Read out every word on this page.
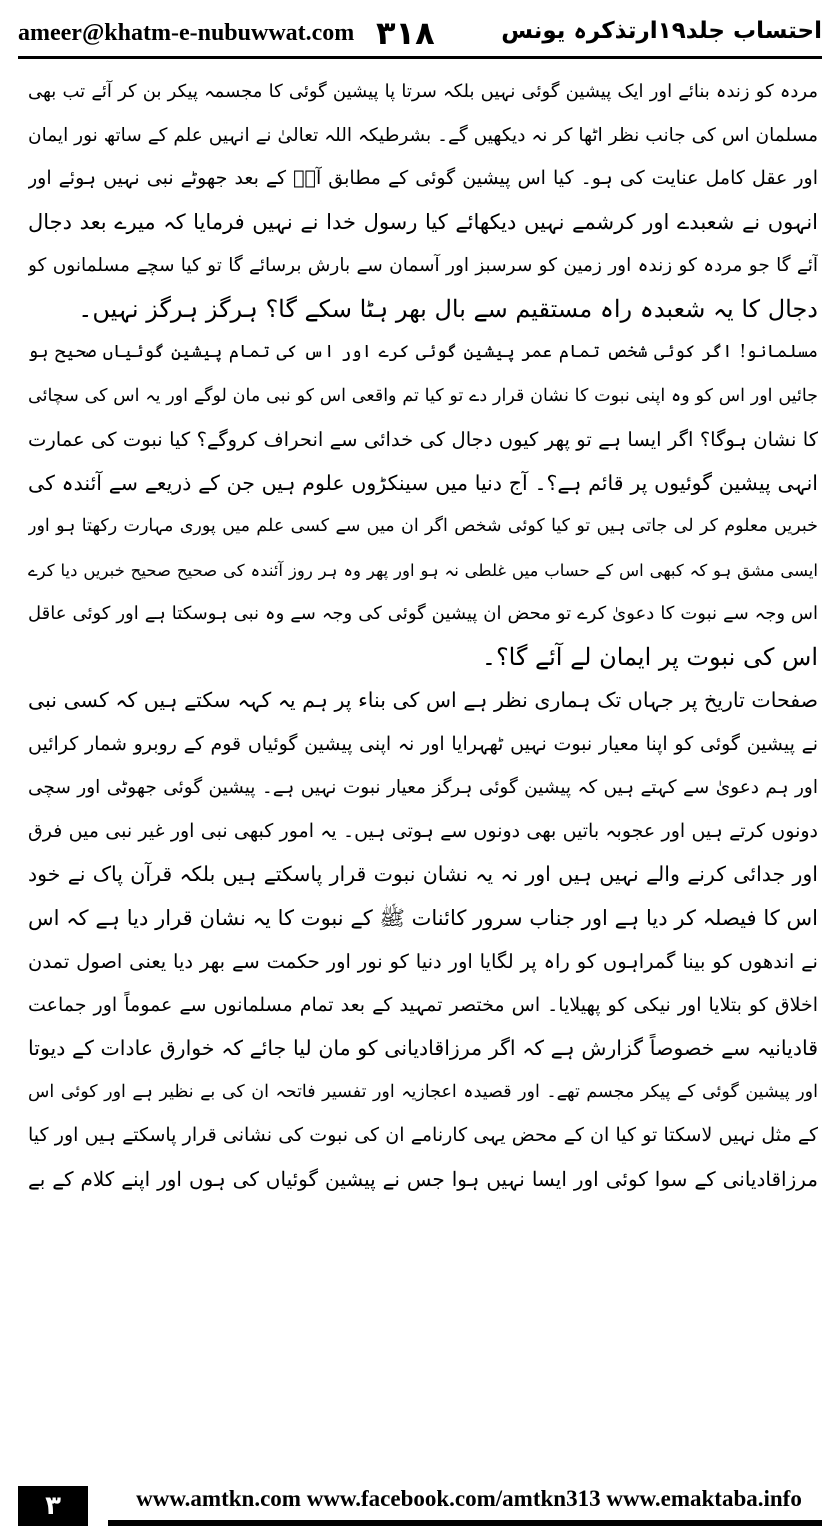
ameer@khatm-e-nubuwwat.com ۳۱۸	احتساب جلد۱۹ارتذکرہ یونس
مردہ کو زندہ بنائے اور ایک پیشین گوئی نہیں بلکہ سرتا پا پیشین گوئی کا مجسمہ پیکر بن کر آئے تب بھی
مسلمان اس کی جانب نظر اٹھا کر نہ دیکھیں گے۔ بشرطیکہ اللہ تعالیٰ نے انہیں علم کے ساتھ نور ایمان
اور عقل کامل عنایت کی ہو۔ کیا اس پیشین گوئی کے مطابق آپؐ کے بعد جھوٹے نبی نہیں ہوئے اور
انہوں نے شعبدے اور کرشمے نہیں دیکھائے کیا رسول خدا نے نہیں فرمایا کہ میرے بعد دجال
آئے گا جو مردہ کو زندہ اور زمین کو سرسبز اور آسمان سے بارش برسائے گا تو کیا سچے مسلمانوں کو
دجال کا یہ شعبدہ راہ مستقیم سے بال بھر ہٹا سکے گا؟ ہرگز ہرگز نہیں۔
مسلمانو! اگر کوئی شخص تمام عمر پیشین گوئی کرے اور اس کی تمام پیشین گوئیاں صحیح ہو
جائیں اور اس کو وہ اپنی نبوت کا نشان قرار دے تو کیا تم واقعی اس کو نبی مان لوگے اور یہ اس کی سچائی
کا نشان ہوگا؟ اگر ایسا ہے تو پھر کیوں دجال کی خدائی سے انحراف کروگے؟ کیا نبوت کی عمارت
انہی پیشین گوئیوں پر قائم ہے؟۔ آج دنیا میں سینکڑوں علوم ہیں جن کے ذریعے سے آئندہ کی
خبریں معلوم کر لی جاتی ہیں تو کیا کوئی شخص اگر ان میں سے کسی علم میں پوری مہارت رکھتا ہو اور
ایسی مشق ہو کہ کبھی اس کے حساب میں غلطی نہ ہو اور پھر وہ ہر روز آئندہ کی صحیح صحیح خبریں دیا کرے
اس وجہ سے نبوت کا دعویٰ کرے تو محض ان پیشین گوئی کی وجہ سے وہ نبی ہوسکتا ہے اور کوئی عاقل
اس کی نبوت پر ایمان لے آئے گا؟۔
صفحات تاریخ پر جہاں تک ہماری نظر ہے اس کی بناء پر ہم یہ کہہ سکتے ہیں کہ کسی نبی
نے پیشین گوئی کو اپنا معیار نبوت نہیں ٹھہرایا اور نہ اپنی پیشین گوئیاں قوم کے روبرو شمار کرائیں
اور ہم دعویٰ سے کہتے ہیں کہ پیشین گوئی ہرگز معیار نبوت نہیں ہے۔ پیشین گوئی جھوٹی اور سچی
دونوں کرتے ہیں اور عجوبہ باتیں بھی دونوں سے ہوتی ہیں۔ یہ امور کبھی نبی اور غیر نبی میں فرق
اور جدائی کرنے والے نہیں ہیں اور نہ یہ نشان نبوت قرار پاسکتے ہیں بلکہ قرآن پاک نے خود
اس کا فیصلہ کر دیا ہے اور جناب سرور کائنات ﷺ کے نبوت کا یہ نشان قرار دیا ہے کہ اس
نے اندھوں کو بینا گمراہوں کو راہ پر لگایا اور دنیا کو نور اور حکمت سے بھر دیا یعنی اصول تمدن
اخلاق کو بتلایا اور نیکی کو پھیلایا۔ اس مختصر تمہید کے بعد تمام مسلمانوں سے عموماً اور جماعت
قادیانیہ سے خصوصاً گزارش ہے کہ اگر مرزاقادیانی کو مان لیا جائے کہ خوارق عادات کے دیوتا
اور پیشین گوئی کے پیکر مجسم تھے۔ اور قصیدہ اعجازیہ اور تفسیر فاتحہ ان کی بے نظیر ہے اور کوئی اس
کے مثل نہیں لاسکتا تو کیا ان کے محض یہی کارنامے ان کی نبوت کی نشانی قرار پاسکتے ہیں اور کیا
مرزاقادیانی کے سوا کوئی اور ایسا نہیں ہوا جس نے پیشین گوئیاں کی ہوں اور اپنے کلام کے بے
۳	www.amtkn.com www.facebook.com/amtkn313 www.emaktaba.info
